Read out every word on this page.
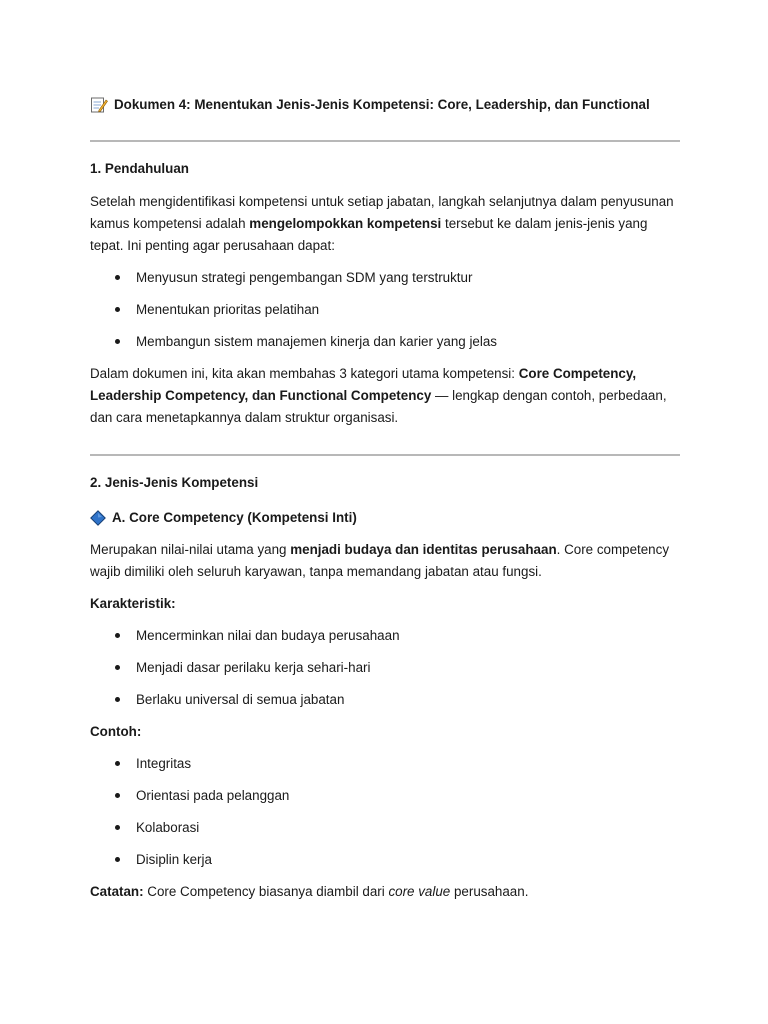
Dokumen 4: Menentukan Jenis-Jenis Kompetensi: Core, Leadership, dan Functional
1. Pendahuluan

Setelah mengidentifikasi kompetensi untuk setiap jabatan, langkah selanjutnya dalam penyusunan kamus kompetensi adalah mengelompokkan kompetensi tersebut ke dalam jenis-jenis yang tepat. Ini penting agar perusahaan dapat:

Menyusun strategi pengembangan SDM yang terstruktur
Menentukan prioritas pelatihan
Membangun sistem manajemen kinerja dan karier yang jelas

Dalam dokumen ini, kita akan membahas 3 kategori utama kompetensi: Core Competency, Leadership Competency, dan Functional Competency — lengkap dengan contoh, perbedaan, dan cara menetapkannya dalam struktur organisasi.

2. Jenis-Jenis Kompetensi
A. Core Competency (Kompetensi Inti)

Merupakan nilai-nilai utama yang menjadi budaya dan identitas perusahaan. Core competency wajib dimiliki oleh seluruh karyawan, tanpa memandang jabatan atau fungsi.

Karakteristik:

Mencerminkan nilai dan budaya perusahaan
Menjadi dasar perilaku kerja sehari-hari
Berlaku universal di semua jabatan

Contoh:

Integritas
Orientasi pada pelanggan
Kolaborasi
Disiplin kerja

Catatan: Core Competency biasanya diambil dari core value perusahaan.
